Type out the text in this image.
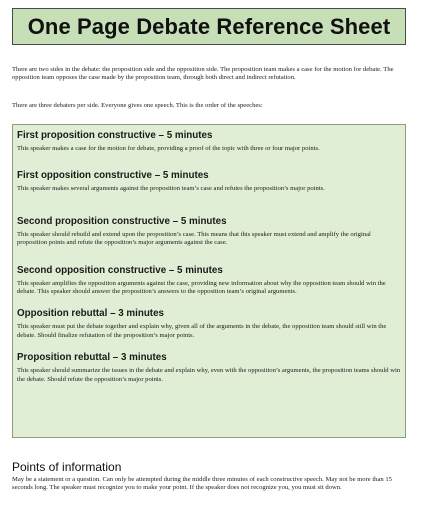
One Page Debate Reference Sheet
There are two sides in the debate: the proposition side and the opposition side. The proposition team makes a case for the motion for debate. The opposition team opposes the case made by the proposition team, through both direct and indirect refutation.
There are three debaters per side. Everyone gives one speech. This is the order of the speeches:
First proposition constructive – 5 minutes

This speaker makes a case for the motion for debate, providing a proof of the topic with three or four major points.

First opposition constructive – 5 minutes

This speaker makes several arguments against the proposition team’s case and refutes the proposition’s major points.

Second proposition constructive – 5 minutes

This speaker should rebuild and extend upon the proposition’s case. This means that this speaker must extend and amplify the original proposition points and refute the opposition’s major arguments against the case.

Second opposition constructive – 5 minutes

This speaker amplifies the opposition arguments against the case, providing new information about why the opposition team should win the debate. This speaker should answer the proposition’s answers to the opposition team’s original arguments.

Opposition rebuttal – 3 minutes

This speaker must put the debate together and explain why, given all of the arguments in the debate, the opposition team should still win the debate. Should finalize refutation of the proposition’s major points.

Proposition rebuttal – 3 minutes

This speaker should summarize the issues in the debate and explain why, even with the opposition’s arguments, the proposition teams should win the debate. Should refute the opposition’s major points.

Points of information
May be a statement or a question. Can only be attempted during the middle three minutes of each constructive speech. May not be more than 15 seconds long. The speaker must recognize you to make your point. If the speaker does not recognize you, you must sit down.
